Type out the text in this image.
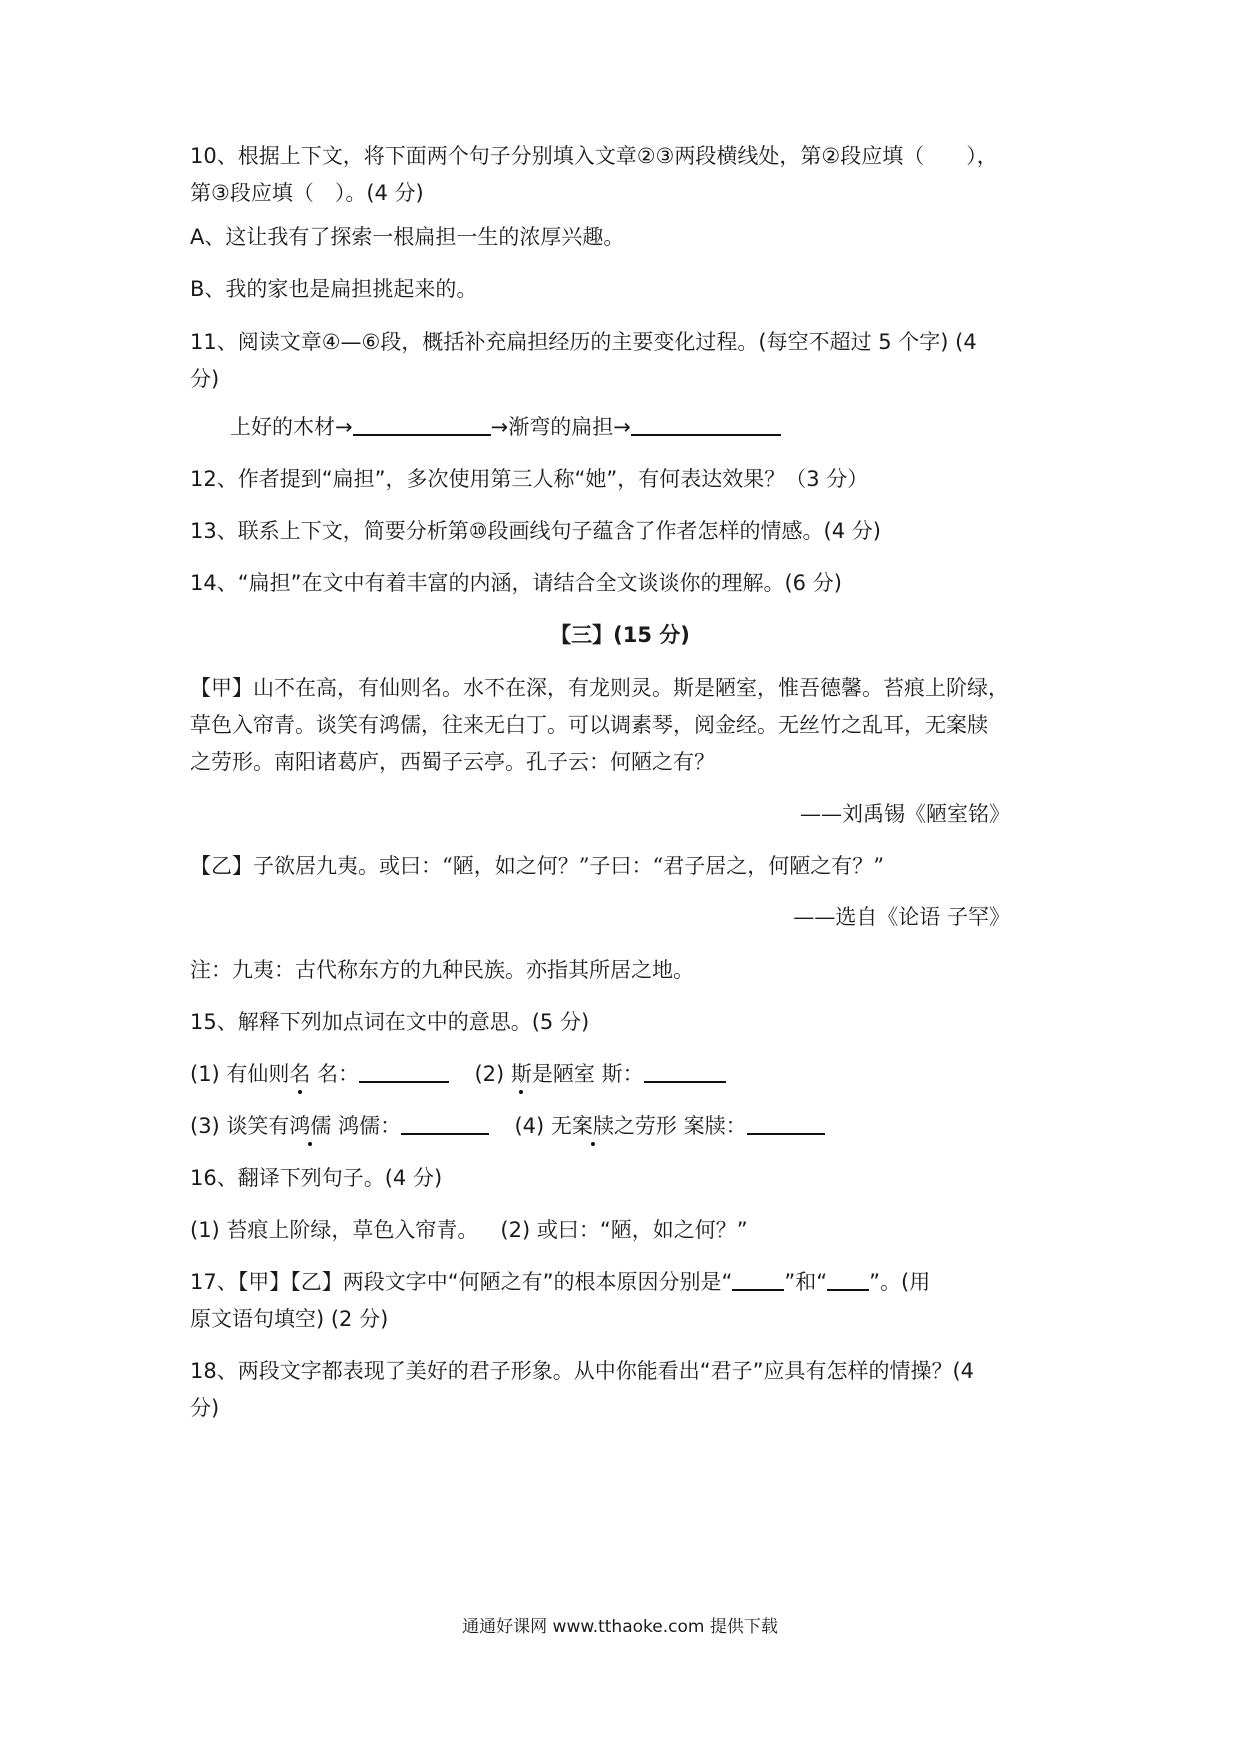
10、根据上下文，将下面两个句子分别填入文章②③两段横线处，第②段应填（　　），
第③段应填（　）。(4 分)
A、这让我有了探索一根扁担一生的浓厚兴趣。
B、我的家也是扁担挑起来的。
11、阅读文章④—⑥段，概括补充扁担经历的主要变化过程。(每空不超过 5 个字) (4
分)
上好的木材→	→渐弯的扁担→
12、作者提到“扁担”，多次使用第三人称“她”，有何表达效果？（3 分）
13、联系上下文，简要分析第⑩段画线句子蕴含了作者怎样的情感。(4 分)
14、“扁担”在文中有着丰富的内涵，请结合全文谈谈你的理解。(6 分)
【三】(15 分)
【甲】山不在高，有仙则名。水不在深，有龙则灵。斯是陋室，惟吾德馨。苔痕上阶绿，
草色入帘青。谈笑有鸿儒，往来无白丁。可以调素琴，阅金经。无丝竹之乱耳，无案牍
之劳形。南阳诸葛庐，西蜀子云亭。孔子云：何陋之有？
——刘禹锡《陋室铭》
【乙】子欲居九夷。或曰：“陋，如之何？”子曰：“君子居之，何陋之有？”
——选自《论语 子罕》
注：九夷：古代称东方的九种民族。亦指其所居之地。
15、解释下列加点词在文中的意思。(5 分)
(1) 有仙则名 名：	(2) 斯是陋室 斯：
(3) 谈笑有鸿儒 鸿儒：	(4) 无案牍之劳形 案牍：
16、翻译下列句子。(4 分)
(1) 苔痕上阶绿，草色入帘青。 (2) 或曰：“陋，如之何？”
17、【甲】【乙】两段文字中“何陋之有”的根本原因分别是“ ”和“ ”。(用
原文语句填空) (2 分)
18、两段文字都表现了美好的君子形象。从中你能看出“君子”应具有怎样的情操？(4
分)
通通好课网 www.tthaoke.com 提供下载
